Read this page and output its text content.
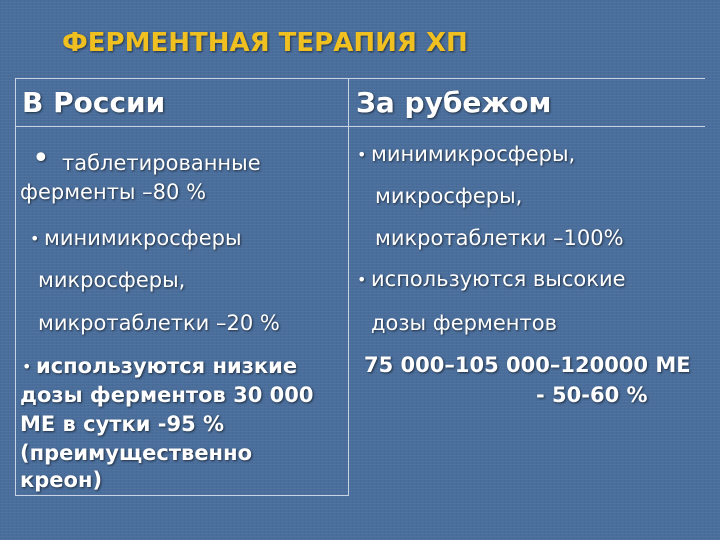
ФЕРМЕНТНАЯ ТЕРАПИЯ ХП
В России
• таблетированные
ферменты –80 %
• минимикросферы
микросферы,
микротаблетки –20 %
• используются низкие
дозы ферментов 30 000
МЕ в сутки -95 %
(преимущественно
креон)
За рубежом
• минимикросферы,
микросферы,
микротаблетки –100%
• используются высокие
дозы ферментов
75 000–105 000–120000 МЕ
- 50-60 %
